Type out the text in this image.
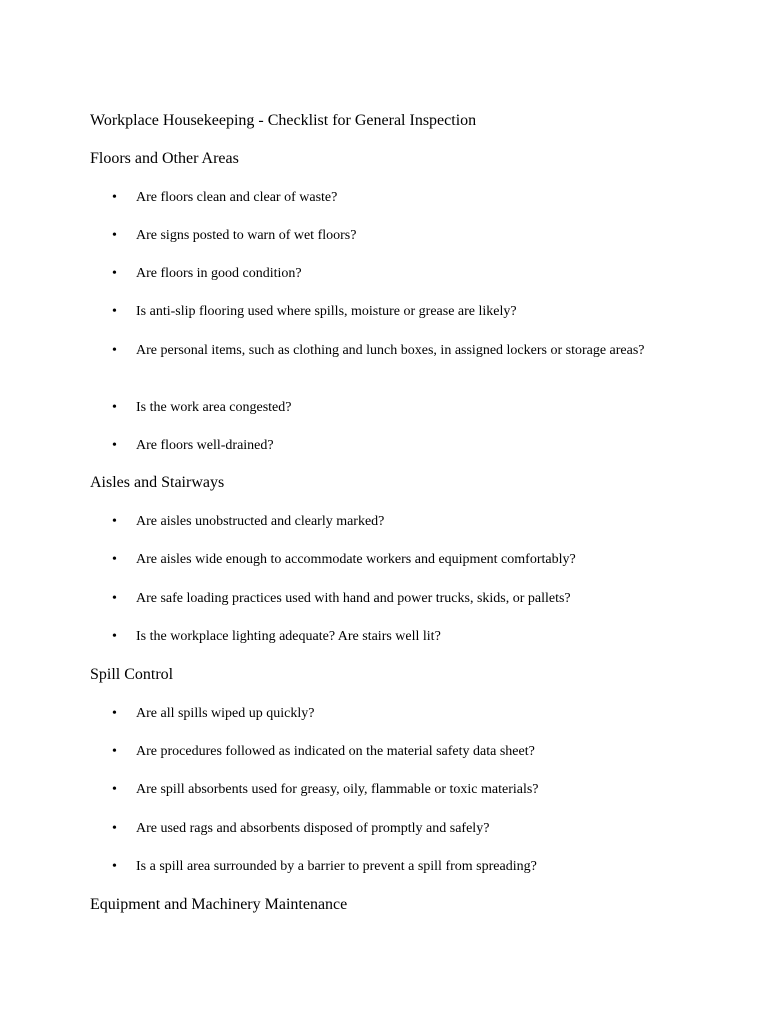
Workplace Housekeeping - Checklist for General Inspection
Floors and Other Areas
•	Are floors clean and clear of waste?
•	Are signs posted to warn of wet floors?
•	Are floors in good condition?
•	Is anti-slip flooring used where spills, moisture or grease are likely?
•	Are personal items, such as clothing and lunch boxes, in assigned lockers or storage areas?
•	Is the work area congested?
•	Are floors well-drained?
Aisles and Stairways
•	Are aisles unobstructed and clearly marked?
•	Are aisles wide enough to accommodate workers and equipment comfortably?
•	Are safe loading practices used with hand and power trucks, skids, or pallets?
•	Is the workplace lighting adequate? Are stairs well lit?
Spill Control
•	Are all spills wiped up quickly?
•	Are procedures followed as indicated on the material safety data sheet?
•	Are spill absorbents used for greasy, oily, flammable or toxic materials?
•	Are used rags and absorbents disposed of promptly and safely?
•	Is a spill area surrounded by a barrier to prevent a spill from spreading?
Equipment and Machinery Maintenance
